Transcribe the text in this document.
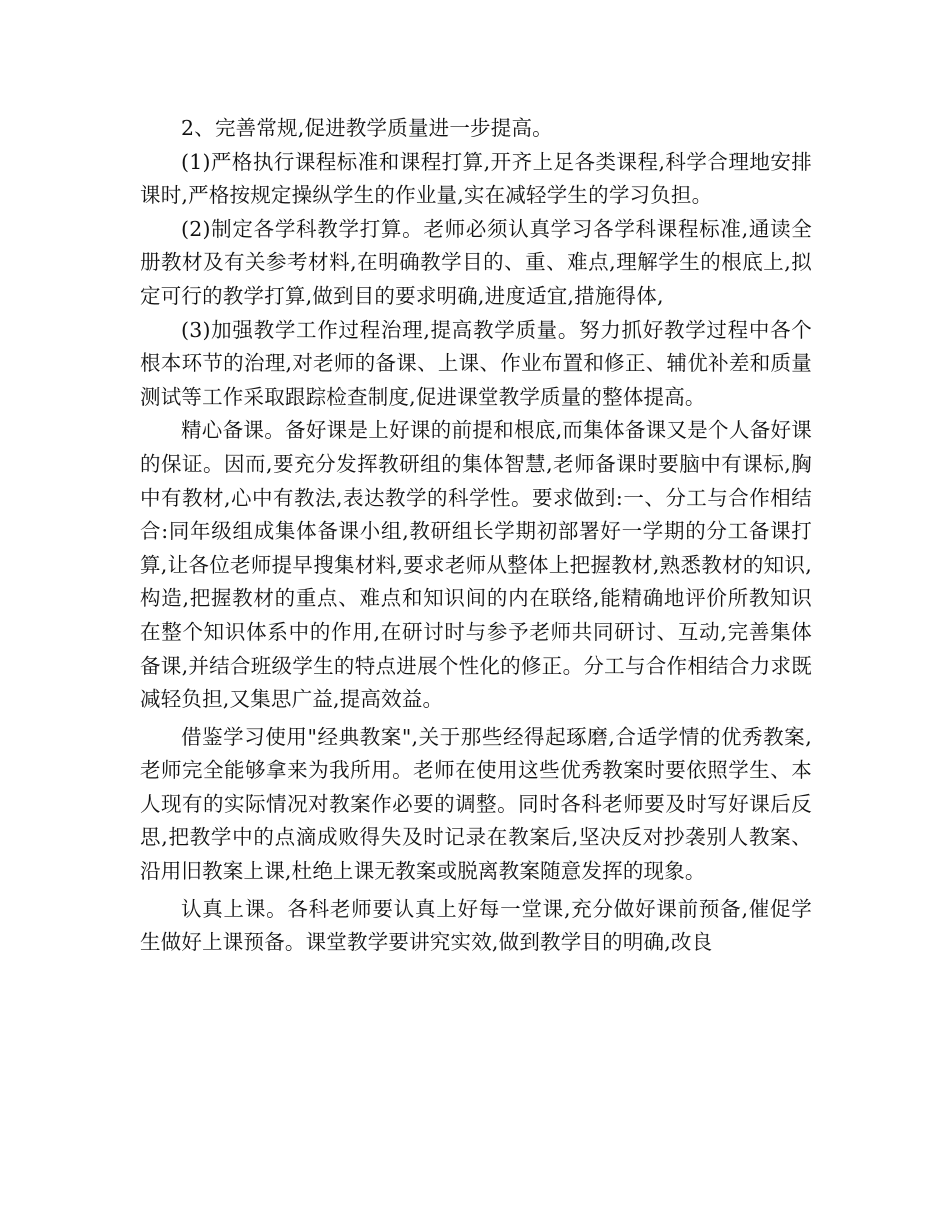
2、完善常规,促进教学质量进一步提高。

(1)严格执行课程标准和课程打算,开齐上足各类课程,科学合理地安排课时,严格按规定操纵学生的作业量,实在减轻学生的学习负担。

(2)制定各学科教学打算。老师必须认真学习各学科课程标准,通读全册教材及有关参考材料,在明确教学目的、重、难点,理解学生的根底上,拟定可行的教学打算,做到目的要求明确,进度适宜,措施得体,

(3)加强教学工作过程治理,提高教学质量。努力抓好教学过程中各个根本环节的治理,对老师的备课、上课、作业布置和修正、辅优补差和质量测试等工作采取跟踪检查制度,促进课堂教学质量的整体提高。

精心备课。备好课是上好课的前提和根底,而集体备课又是个人备好课的保证。因而,要充分发挥教研组的集体智慧,老师备课时要脑中有课标,胸中有教材,心中有教法,表达教学的科学性。要求做到:一、分工与合作相结合:同年级组成集体备课小组,教研组长学期初部署好一学期的分工备课打算,让各位老师提早搜集材料,要求老师从整体上把握教材,熟悉教材的知识,构造,把握教材的重点、难点和知识间的内在联络,能精确地评价所教知识在整个知识体系中的作用,在研讨时与参予老师共同研讨、互动,完善集体备课,并结合班级学生的特点进展个性化的修正。分工与合作相结合力求既减轻负担,又集思广益,提高效益。

借鉴学习使用"经典教案",关于那些经得起琢磨,合适学情的优秀教案,老师完全能够拿来为我所用。老师在使用这些优秀教案时要依照学生、本人现有的实际情况对教案作必要的调整。同时各科老师要及时写好课后反思,把教学中的点滴成败得失及时记录在教案后,坚决反对抄袭别人教案、沿用旧教案上课,杜绝上课无教案或脱离教案随意发挥的现象。

认真上课。各科老师要认真上好每一堂课,充分做好课前预备,催促学生做好上课预备。课堂教学要讲究实效,做到教学目的明确,改良
